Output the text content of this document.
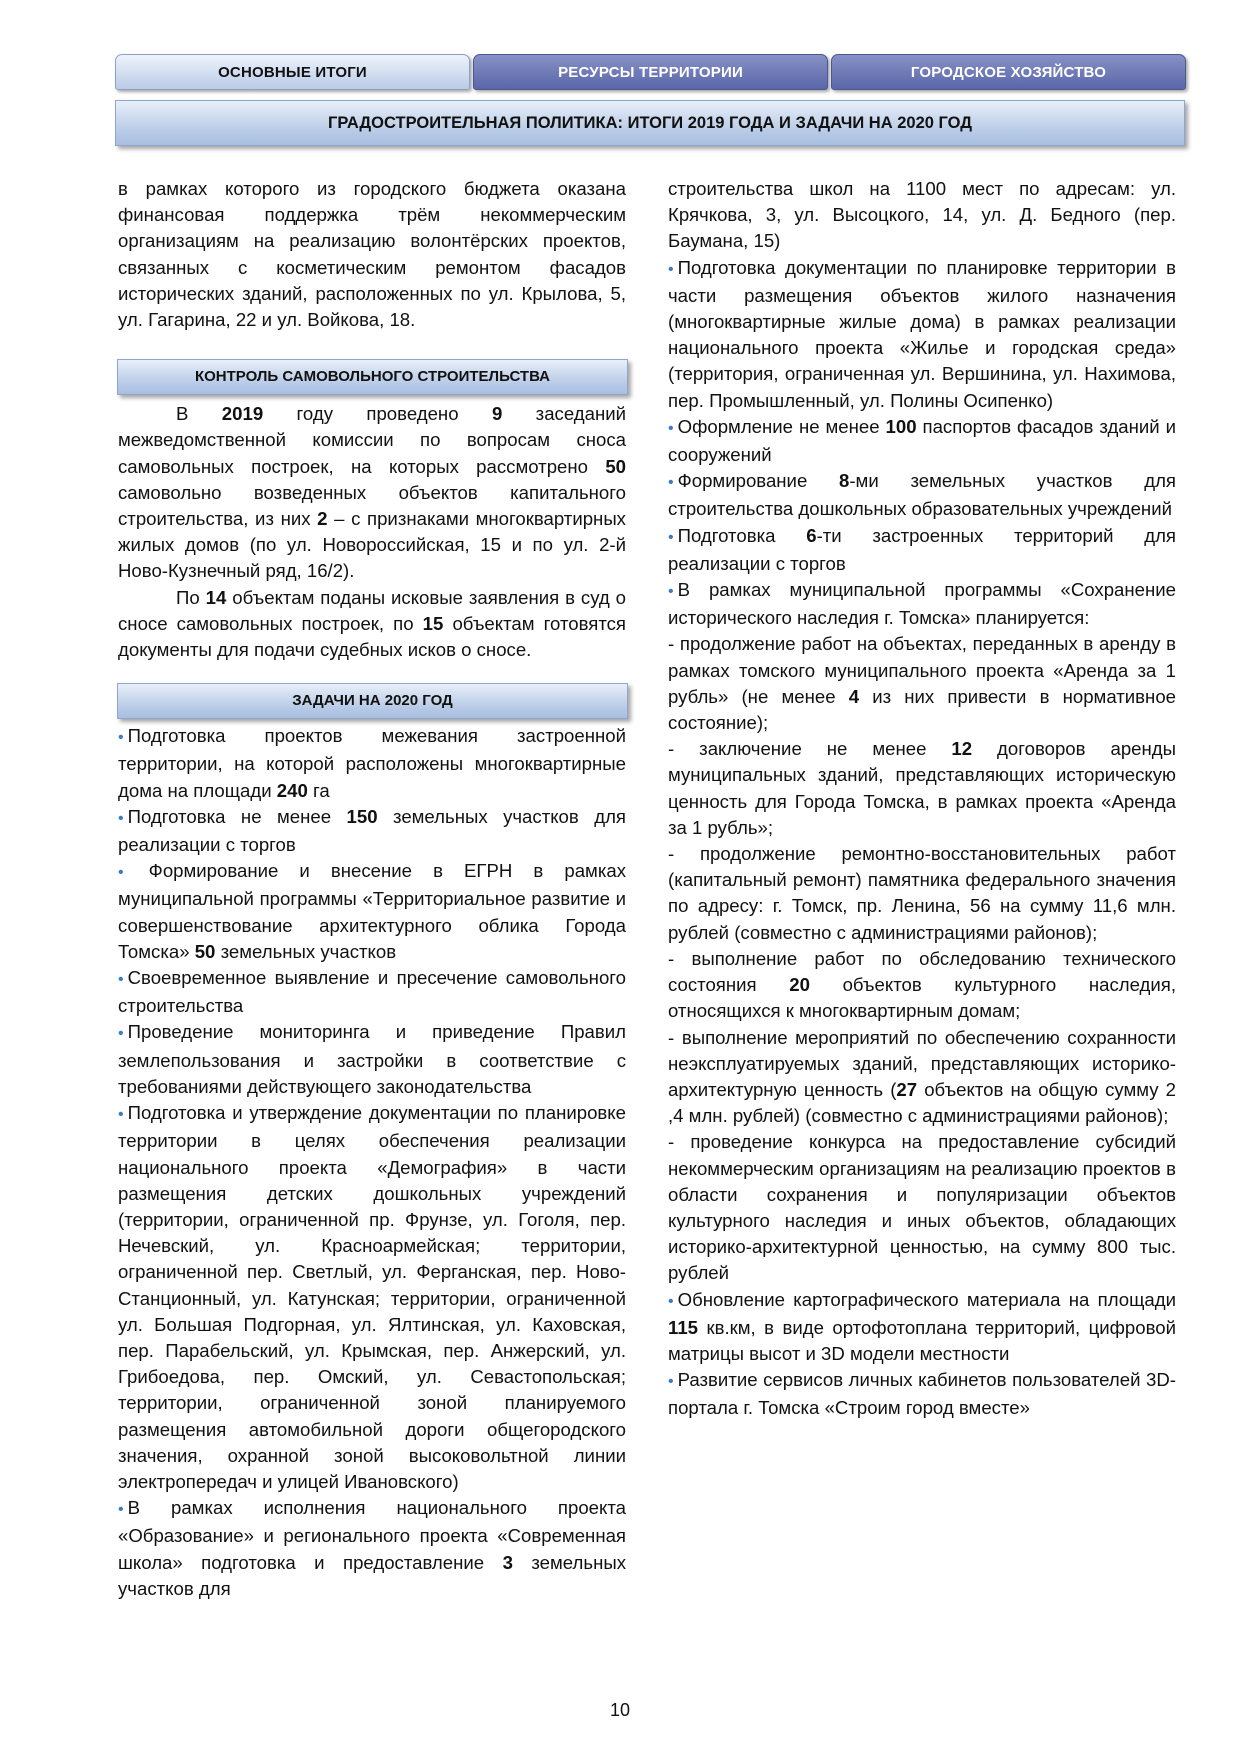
ОСНОВНЫЕ ИТОГИ	РЕСУРСЫ ТЕРРИТОРИИ	ГОРОДСКОЕ ХОЗЯЙСТВО
ГРАДОСТРОИТЕЛЬНАЯ ПОЛИТИКА: ИТОГИ 2019 ГОДА И ЗАДАЧИ НА 2020 ГОД

в рамках которого из городского бюджета оказана финансовая поддержка трём некоммерческим организациям на реализацию волонтёрских проектов, связанных с косметическим ремонтом фасадов исторических зданий, расположенных по ул. Крылова, 5, ул. Гагарина, 22 и ул. Войкова, 18.

КОНТРОЛЬ САМОВОЛЬНОГО СТРОИТЕЛЬСТВА

В 2019 году проведено 9 заседаний межведомственной комиссии по вопросам сноса самовольных построек, на которых рассмотрено 50 самовольно возведенных объектов капитального строительства, из них 2 – с признаками многоквартирных жилых домов (по ул. Новороссийская, 15 и по ул. 2-й Ново-Кузнечный ряд, 16/2).

По 14 объектам поданы исковые заявления в суд о сносе самовольных построек, по 15 объектам готовятся документы для подачи судебных исков о сносе.

ЗАДАЧИ НА 2020 ГОД

• Подготовка проектов межевания застроенной территории, на которой расположены многоквартирные дома на площади 240 га

• Подготовка не менее 150 земельных участков для реализации с торгов

• Формирование и внесение в ЕГРН в рамках муниципальной программы «Территориальное развитие и совершенствование архитектурного облика Города Томска» 50 земельных участков

• Своевременное выявление и пресечение самовольного строительства

• Проведение мониторинга и приведение Правил землепользования и застройки в соответствие с требованиями действующего законодательства

• Подготовка и утверждение документации по планировке территории в целях обеспечения реализации национального проекта «Демография» в части размещения детских дошкольных учреждений (территории, ограниченной пр. Фрунзе, ул. Гоголя, пер. Нечевский, ул. Красноармейская; территории, ограниченной пер. Светлый, ул. Ферганская, пер. Ново-Станционный, ул. Катунская; территории, ограниченной ул. Большая Подгорная, ул. Ялтинская, ул. Каховская, пер. Парабельский, ул. Крымская, пер. Анжерский, ул. Грибоедова, пер. Омский, ул. Севастопольская; территории, ограниченной зоной планируемого размещения автомобильной дороги общегородского значения, охранной зоной высоковольтной линии электропередач и улицей Ивановского)

• В рамках исполнения национального проекта «Образование» и регионального проекта «Современная школа» подготовка и предоставление 3 земельных участков для

строительства школ на 1100 мест по адресам: ул. Крячкова, 3, ул. Высоцкого, 14, ул. Д. Бедного (пер. Баумана, 15)

• Подготовка документации по планировке территории в части размещения объектов жилого назначения (многоквартирные жилые дома) в рамках реализации национального проекта «Жилье и городская среда» (территория, ограниченная ул. Вершинина, ул. Нахимова, пер. Промышленный, ул. Полины Осипенко)

• Оформление не менее 100 паспортов фасадов зданий и сооружений

• Формирование 8-ми земельных участков для строительства дошкольных образовательных учреждений

• Подготовка 6-ти застроенных территорий для реализации с торгов

• В рамках муниципальной программы «Сохранение исторического наследия г. Томска» планируется:

- продолжение работ на объектах, переданных в аренду в рамках томского муниципального проекта «Аренда за 1 рубль» (не менее 4 из них привести в нормативное состояние);

- заключение не менее 12 договоров аренды муниципальных зданий, представляющих историческую ценность для Города Томска, в рамках проекта «Аренда за 1 рубль»;

- продолжение ремонтно-восстановительных работ (капитальный ремонт) памятника федерального значения по адресу: г. Томск, пр. Ленина, 56 на сумму 11,6 млн. рублей (совместно с администрациями районов);

- выполнение работ по обследованию технического состояния 20 объектов культурного наследия, относящихся к многоквартирным домам;

- выполнение мероприятий по обеспечению сохранности неэксплуатируемых зданий, представляющих историко-архитектурную ценность (27 объектов на общую сумму 2 ,4 млн. рублей) (совместно с администрациями районов);

- проведение конкурса на предоставление субсидий некоммерческим организациям на реализацию проектов в области сохранения и популяризации объектов культурного наследия и иных объектов, обладающих историко-архитектурной ценностью, на сумму 800 тыс. рублей

• Обновление картографического материала на площади 115 кв.км, в виде ортофотоплана территорий, цифровой матрицы высот и 3D модели местности

• Развитие сервисов личных кабинетов пользователей 3D-портала г. Томска «Строим город вместе»

10
